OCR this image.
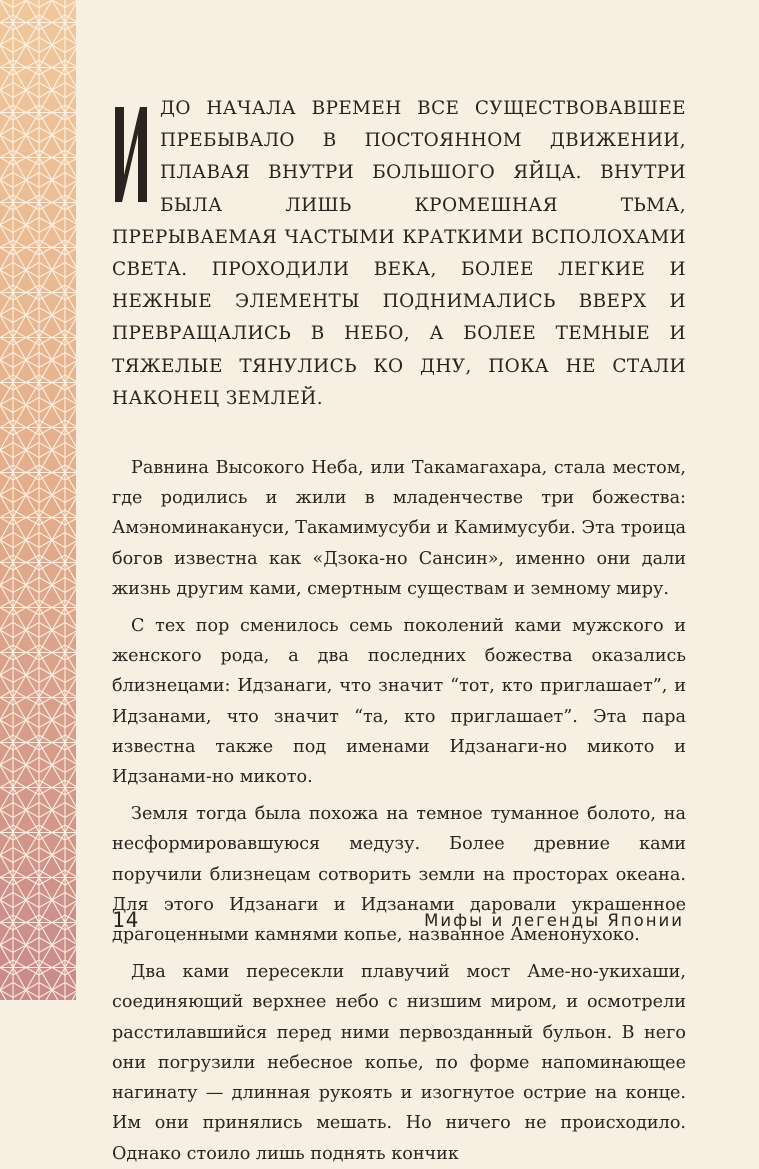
ДО НАЧАЛА ВРЕМЕН ВСЕ СУЩЕСТВОВАВШЕЕ ПРЕБЫВАЛО В ПОСТОЯННОМ ДВИЖЕНИИ, ПЛАВАЯ ВНУТРИ БОЛЬШОГО ЯЙЦА. ВНУТРИ БЫЛА ЛИШЬ КРОМЕШНАЯ ТЬМА, ПРЕРЫВАЕМАЯ ЧАСТЫМИ КРАТКИМИ ВСПОЛОХАМИ СВЕТА. ПРОХОДИЛИ ВЕКА, БОЛЕЕ ЛЕГКИЕ И НЕЖНЫЕ ЭЛЕМЕНТЫ ПОДНИМАЛИСЬ ВВЕРХ И ПРЕВРАЩАЛИСЬ В НЕБО, А БОЛЕЕ ТЕМНЫЕ И ТЯЖЕЛЫЕ ТЯНУЛИСЬ КО ДНУ, ПОКА НЕ СТАЛИ НАКОНЕЦ ЗЕМЛЕЙ.

Равнина Высокого Неба, или Такамагахара, стала местом, где родились и жили в младенчестве три божества: Амэноминакануси, Такамимусуби и Камимусуби. Эта троица богов известна как «Дзока-но Сансин», именно они дали жизнь другим ками, смертным существам и земному миру.

С тех пор сменилось семь поколений ками мужского и женского рода, а два последних божества оказались близнецами: Идзанаги, что значит “тот, кто приглашает”, и Идзанами, что значит “та, кто приглашает”. Эта пара известна также под именами Идзанаги-но микото и Идзанами-но микото.

Земля тогда была похожа на темное туманное болото, на несформировавшуюся медузу. Более древние ками поручили близнецам сотворить земли на просторах океана. Для этого Идзанаги и Идзанами даровали украшенное драгоценными камнями копье, названное Аменонухоко.

Два ками пересекли плавучий мост Аме-но-укихаши, соединяющий верхнее небо с низшим миром, и осмотрели расстилавшийся перед ними первозданный бульон. В него они погрузили небесное копье, по форме напоминающее нагинату — длинная рукоять и изогнутое острие на конце. Им они принялись мешать. Но ничего не происходило. Однако стоило лишь поднять кончик

14	Мифы и легенды Японии
